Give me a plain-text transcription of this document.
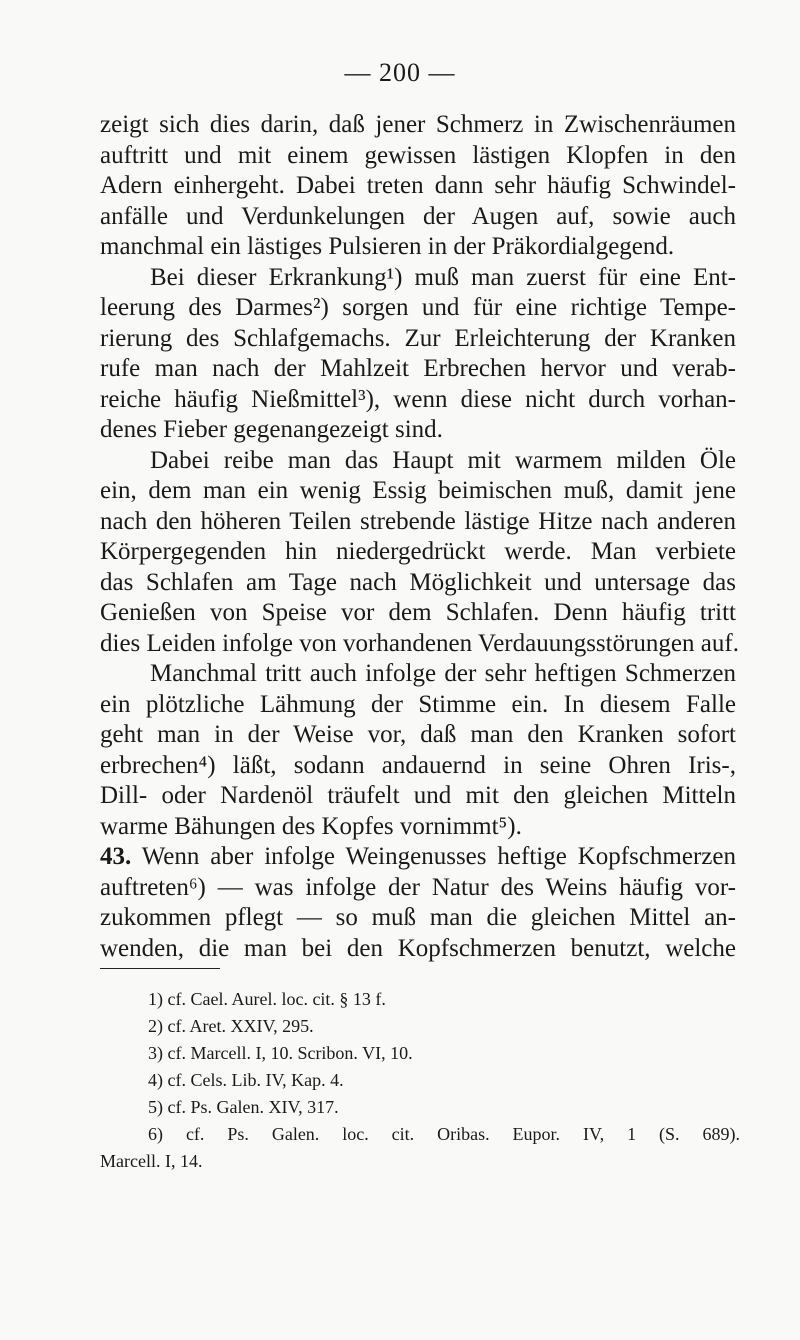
— 200 —
zeigt sich dies darin, daß jener Schmerz in Zwischenräumen
auftritt und mit einem gewissen lästigen Klopfen in den
Adern einhergeht. Dabei treten dann sehr häufig Schwindel-
anfälle und Verdunkelungen der Augen auf, sowie auch
manchmal ein lästiges Pulsieren in der Präkordialgegend.
Bei dieser Erkrankung¹) muß man zuerst für eine Ent-
leerung des Darmes²) sorgen und für eine richtige Tempe-
rierung des Schlafgemachs. Zur Erleichterung der Kranken
rufe man nach der Mahlzeit Erbrechen hervor und verab-
reiche häufig Nießmittel³), wenn diese nicht durch vorhan-
denes Fieber gegenangezeigt sind.
Dabei reibe man das Haupt mit warmem milden Öle
ein, dem man ein wenig Essig beimischen muß, damit jene
nach den höheren Teilen strebende lästige Hitze nach anderen
Körpergegenden hin niedergedrückt werde. Man verbiete
das Schlafen am Tage nach Möglichkeit und untersage das
Genießen von Speise vor dem Schlafen. Denn häufig tritt
dies Leiden infolge von vorhandenen Verdauungsstörungen auf.
Manchmal tritt auch infolge der sehr heftigen Schmerzen
ein plötzliche Lähmung der Stimme ein. In diesem Falle
geht man in der Weise vor, daß man den Kranken sofort
erbrechen⁴) läßt, sodann andauernd in seine Ohren Iris-,
Dill- oder Nardenöl träufelt und mit den gleichen Mitteln
warme Bähungen des Kopfes vornimmt⁵).
43. Wenn aber infolge Weingenusses heftige Kopfschmerzen
auftreten⁶) — was infolge der Natur des Weins häufig vor-
zukommen pflegt — so muß man die gleichen Mittel an-
wenden, die man bei den Kopfschmerzen benutzt, welche
1) cf. Cael. Aurel. loc. cit. § 13 f.
2) cf. Aret. XXIV, 295.
3) cf. Marcell. I, 10. Scribon. VI, 10.
4) cf. Cels. Lib. IV, Kap. 4.
5) cf. Ps. Galen. XIV, 317.
6) cf. Ps. Galen. loc. cit. Oribas. Eupor. IV, 1 (S. 689).
Marcell. I, 14.
